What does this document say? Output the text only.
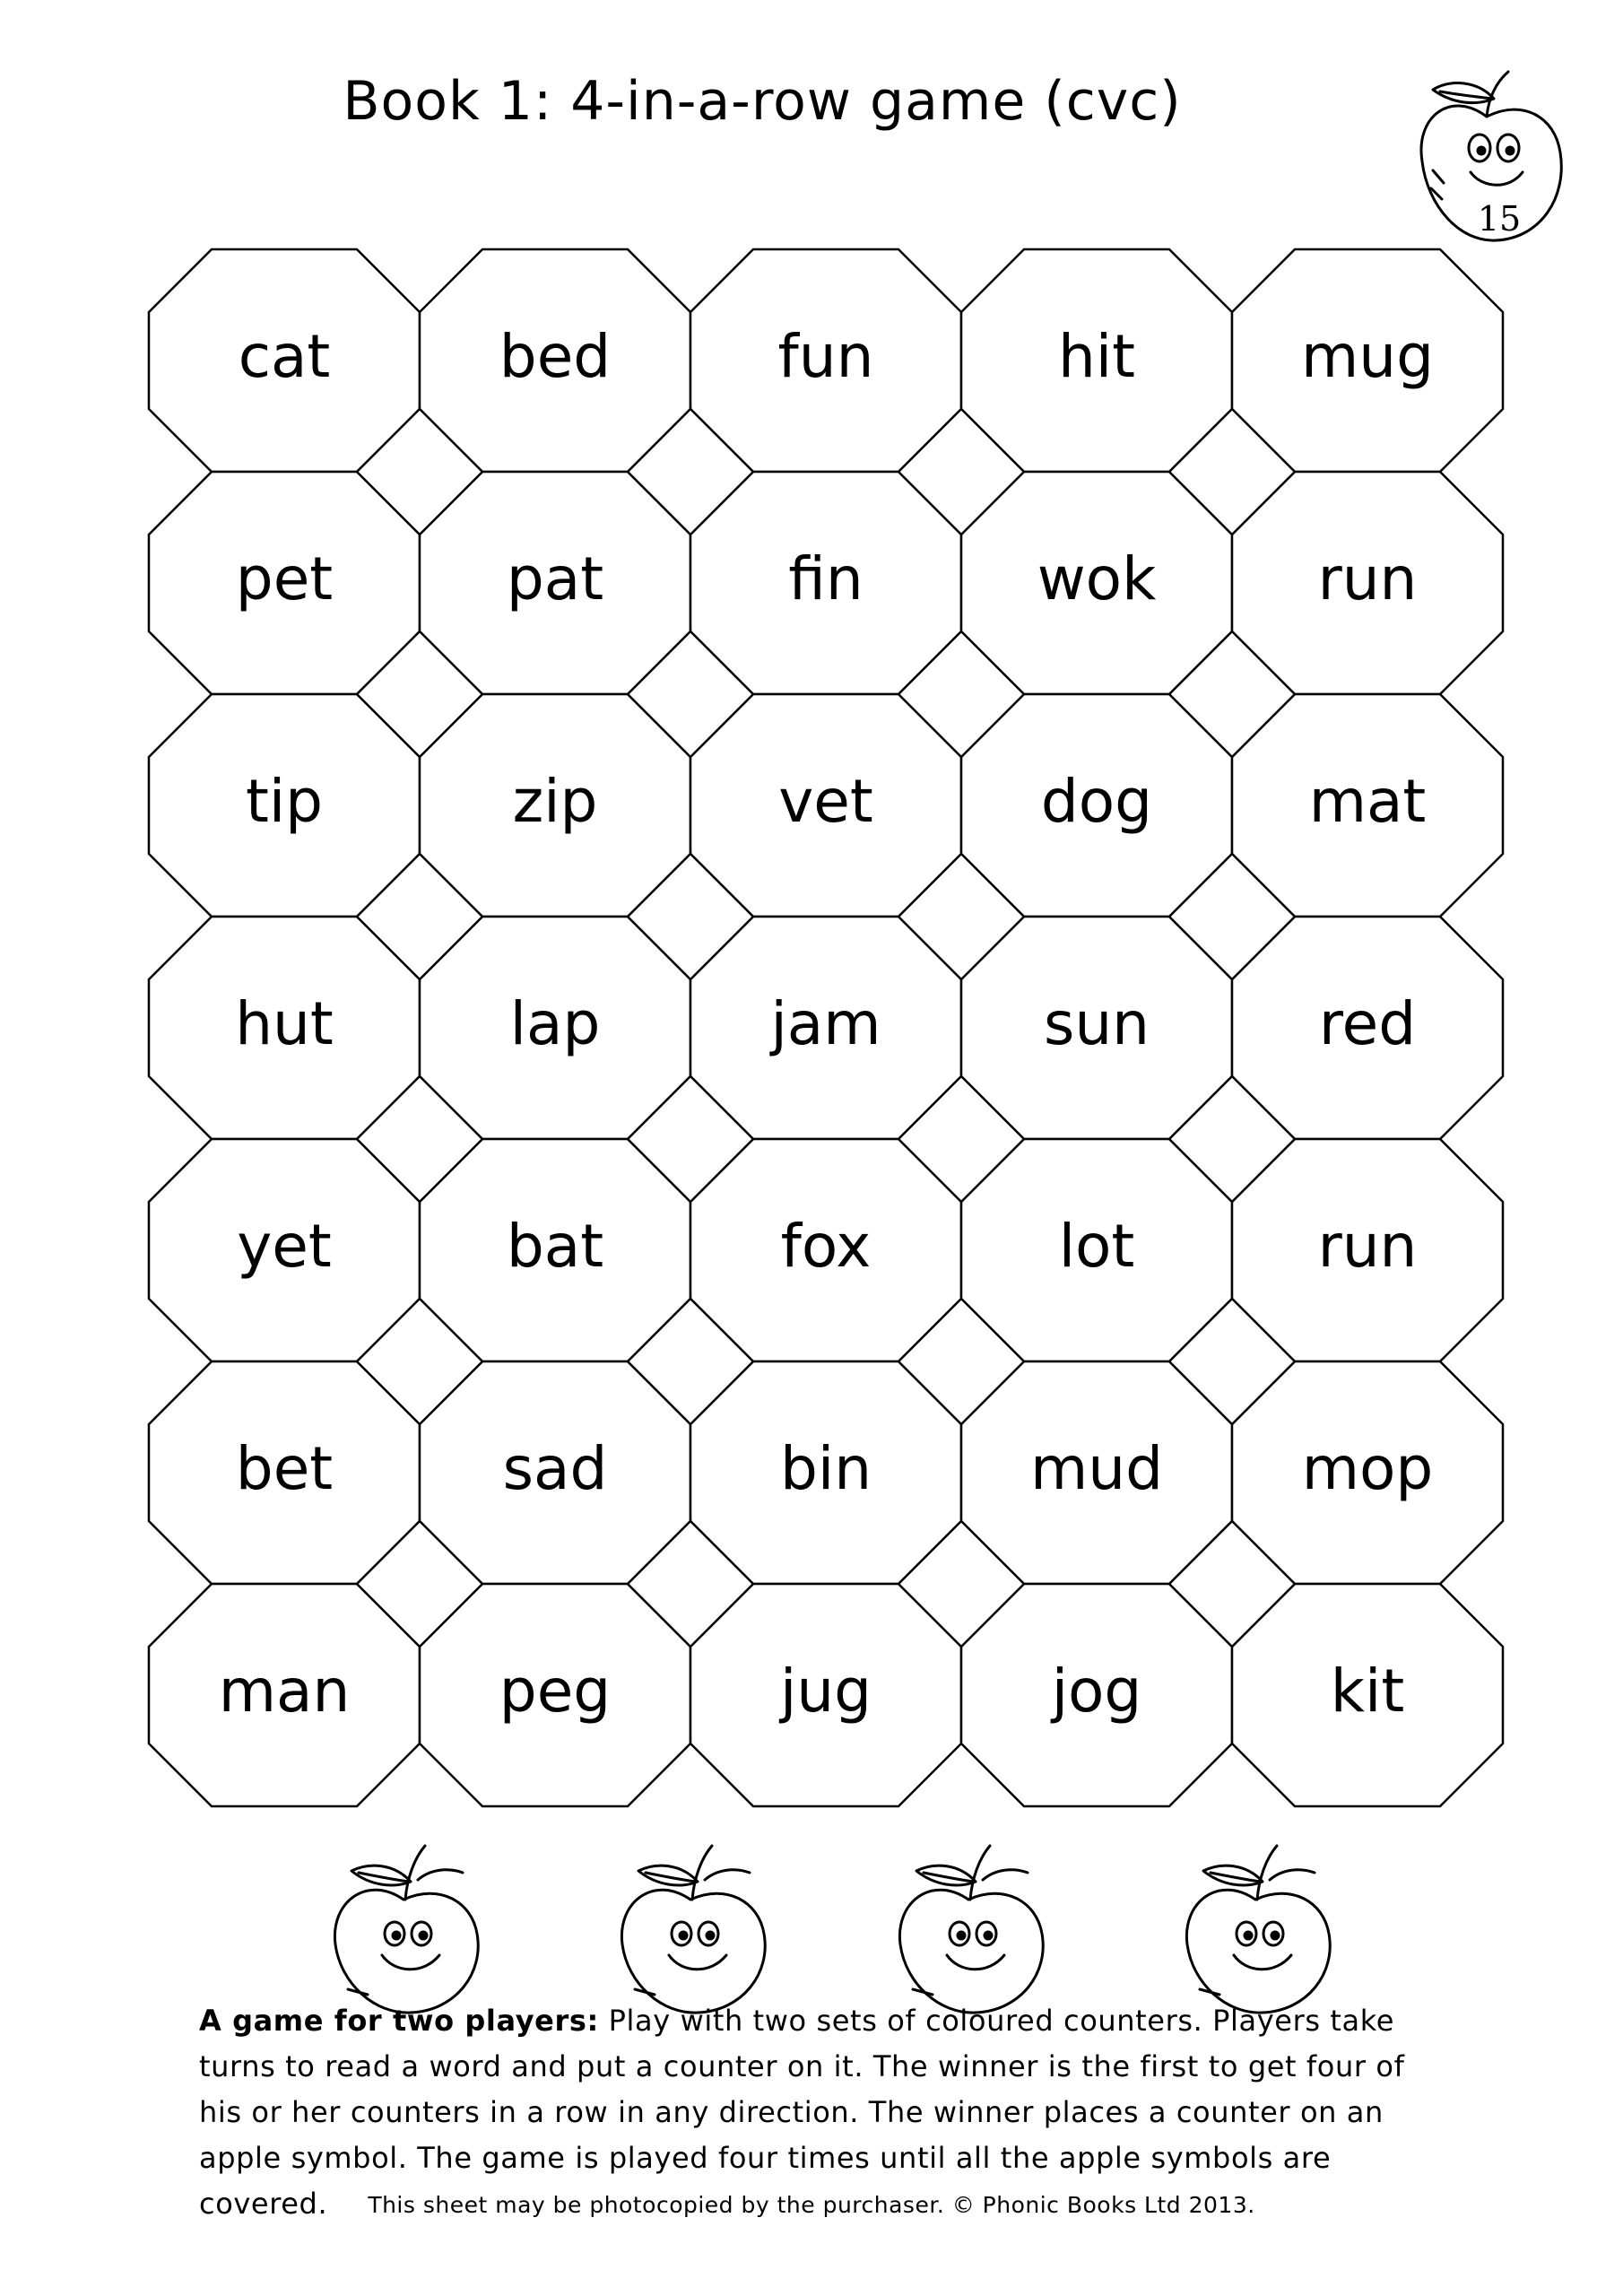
Book 1: 4-in-a-row game (cvc)
15
cat	bed	fun	hit	mug
pet	pat	fin	wok	run
tip	zip	vet	dog	mat
hut	lap	jam	sun	red
yet	bat	fox	lot	run
bet	sad	bin	mud	mop
man	peg	jug	jog	kit
A game for two players: Play with two sets of coloured counters. Players take turns to read a word and put a counter on it. The winner is the first to get four of his or her counters in a row in any direction. The winner places a counter on an apple symbol. The game is played four times until all the apple symbols are covered.	This sheet may be photocopied by the purchaser. © Phonic Books Ltd 2013.
